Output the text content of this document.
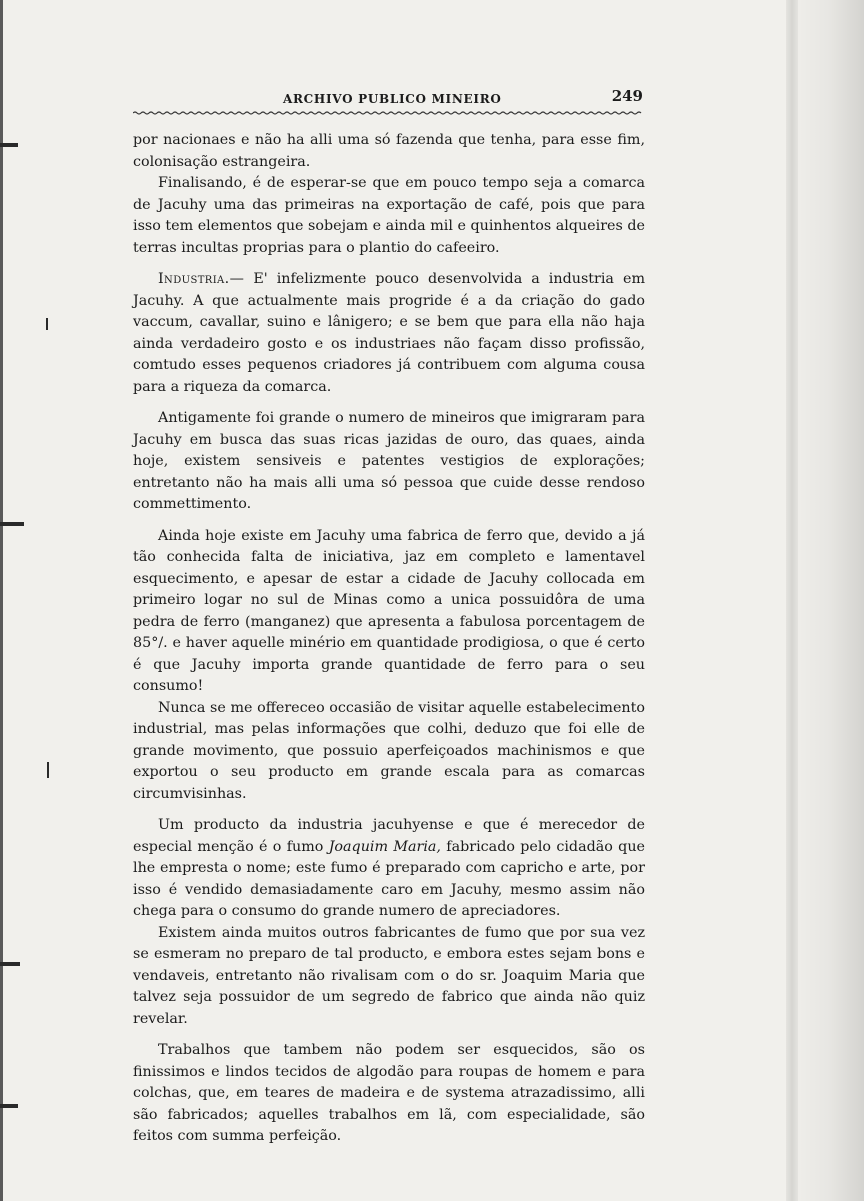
ARCHIVO PUBLICO MINEIRO	249

por nacionaes e não ha alli uma só fazenda que tenha, para esse fim, colonisação estrangeira.

Finalisando, é de esperar-se que em pouco tempo seja a comarca de Jacuhy uma das primeiras na exportação de café, pois que para isso tem elementos que sobejam e ainda mil e quinhentos alqueires de terras incultas proprias para o plantio do cafeeiro.

Industria.— E' infelizmente pouco desenvolvida a industria em Jacuhy. A que actualmente mais progride é a da criação do gado vaccum, cavallar, suino e lânigero; e se bem que para ella não haja ainda verdadeiro gosto e os industriaes não façam disso profissão, comtudo esses pequenos criadores já contribuem com alguma cousa para a riqueza da comarca.

Antigamente foi grande o numero de mineiros que imigraram para Jacuhy em busca das suas ricas jazidas de ouro, das quaes, ainda hoje, existem sensiveis e patentes vestigios de explorações; entretanto não ha mais alli uma só pessoa que cuide desse rendoso commettimento.

Ainda hoje existe em Jacuhy uma fabrica de ferro que, devido a já tão conhecida falta de iniciativa, jaz em completo e lamentavel esquecimento, e apesar de estar a cidade de Jacuhy collocada em primeiro logar no sul de Minas como a unica possuidôra de uma pedra de ferro (manganez) que apresenta a fabulosa porcentagem de 85°/. e haver aquelle minério em quantidade prodigiosa, o que é certo é que Jacuhy importa grande quantidade de ferro para o seu consumo!

Nunca se me offereceo occasião de visitar aquelle estabelecimento industrial, mas pelas informações que colhi, deduzo que foi elle de grande movimento, que possuio aperfeiçoados machinismos e que exportou o seu producto em grande escala para as comarcas circumvisinhas.

Um producto da industria jacuhyense e que é merecedor de especial menção é o fumo Joaquim Maria, fabricado pelo cidadão que lhe empresta o nome; este fumo é preparado com capricho e arte, por isso é vendido demasiadamente caro em Jacuhy, mesmo assim não chega para o consumo do grande numero de apreciadores.

Existem ainda muitos outros fabricantes de fumo que por sua vez se esmeram no preparo de tal producto, e embora estes sejam bons e vendaveis, entretanto não rivalisam com o do sr. Joaquim Maria que talvez seja possuidor de um segredo de fabrico que ainda não quiz revelar.

Trabalhos que tambem não podem ser esquecidos, são os finissimos e lindos tecidos de algodão para roupas de homem e para colchas, que, em teares de madeira e de systema atrazadissimo, alli são fabricados; aquelles trabalhos em lã, com especialidade, são feitos com summa perfeição.
